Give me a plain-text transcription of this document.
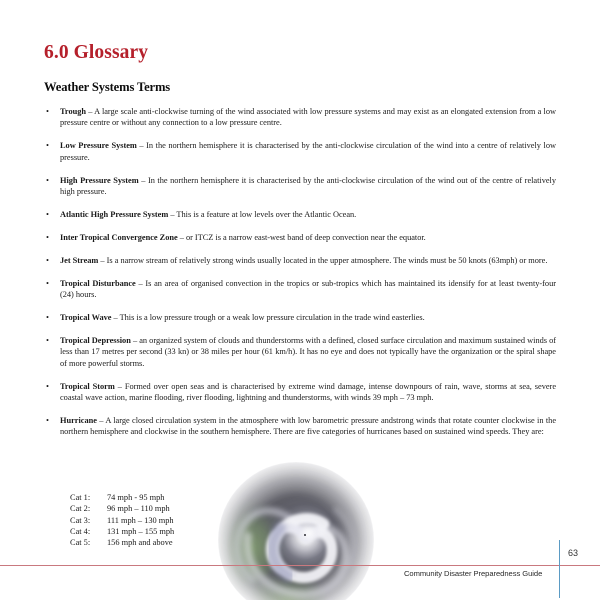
6.0 Glossary
Weather Systems Terms
• Trough – A large scale anti-clockwise turning of the wind associated with low pressure systems and may exist as an elongated extension from a low pressure centre or without any connection to a low pressure centre.
• Low Pressure System – In the northern hemisphere it is characterised by the anti-clockwise circulation of the wind into a centre of relatively low pressure.
• High Pressure System – In the northern hemisphere it is characterised by the anti-clockwise circulation of the wind out of the centre of relatively high pressure.
• Atlantic High Pressure System – This is a feature at low levels over the Atlantic Ocean.
• Inter Tropical Convergence Zone – or ITCZ is a narrow east-west band of deep convection near the equator.
• Jet Stream – Is a narrow stream of relatively strong winds usually located in the upper atmosphere. The winds must be 50 knots (63mph) or more.
• Tropical Disturbance – Is an area of organised convection in the tropics or sub-tropics which has maintained its idensify for at least twenty-four (24) hours.
• Tropical Wave – This is a low pressure trough or a weak low pressure circulation in the trade wind easterlies.
• Tropical Depression – an organized system of clouds and thunderstorms with a defined, closed surface circulation and maximum sustained winds of less than 17 metres per second (33 kn) or 38 miles per hour (61 km/h). It has no eye and does not typically have the organization or the spiral shape of more powerful storms.
• Tropical Storm – Formed over open seas and is characterised by extreme wind damage, intense downpours of rain, wave, storms at sea, severe coastal wave action, marine flooding, river flooding, lightning and thunderstorms, with winds 39 mph – 73 mph.
• Hurricane – A large closed circulation system in the atmosphere with low barometric pressure andstrong winds that rotate counter clockwise in the northern hemisphere and clockwise in the southern hemisphere. There are five categories of hurricanes based on sustained wind speeds. They are:
Cat 1:	74 mph - 95 mph
Cat 2:	96 mph – 110 mph
Cat 3:	111 mph – 130 mph
Cat 4:	131 mph – 155 mph
Cat 5:	156 mph and above
63
Community Disaster Preparedness Guide
